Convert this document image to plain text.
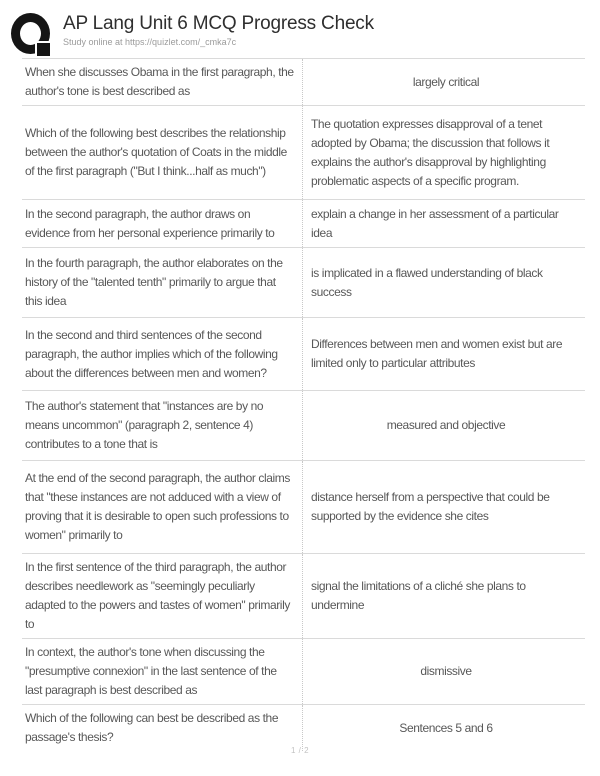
AP Lang Unit 6 MCQ Progress Check
Study online at https://quizlet.com/_cmka7c
When she discusses Obama in the first paragraph, the author's tone is best described as
largely critical
Which of the following best describes the relationship between the author's quotation of Coats in the middle of the first paragraph ("But I think...half as much")
The quotation expresses disapproval of a tenet adopted by Obama; the discussion that follows it explains the author's disapproval by highlighting problematic aspects of a specific program.
In the second paragraph, the author draws on evidence from her personal experience primarily to
explain a change in her assessment of a particular idea
In the fourth paragraph, the author elaborates on the history of the "talented tenth" primarily to argue that this idea
is implicated in a flawed understanding of black success
In the second and third sentences of the second paragraph, the author implies which of the following about the differences between men and women?
Differences between men and women exist but are limited only to particular attributes
The author's statement that "instances are by no means uncommon" (paragraph 2, sentence 4) contributes to a tone that is
measured and objective
At the end of the second paragraph, the author claims that "these instances are not adduced with a view of proving that it is desirable to open such professions to women" primarily to
distance herself from a perspective that could be supported by the evidence she cites
In the first sentence of the third paragraph, the author describes needlework as "seemingly peculiarly adapted to the powers and tastes of women" primarily to
signal the limitations of a cliché she plans to undermine
In context, the author's tone when discussing the "presumptive connexion" in the last sentence of the last paragraph is best described as
dismissive
Which of the following can best be described as the passage's thesis?
Sentences 5 and 6
1 / 2
